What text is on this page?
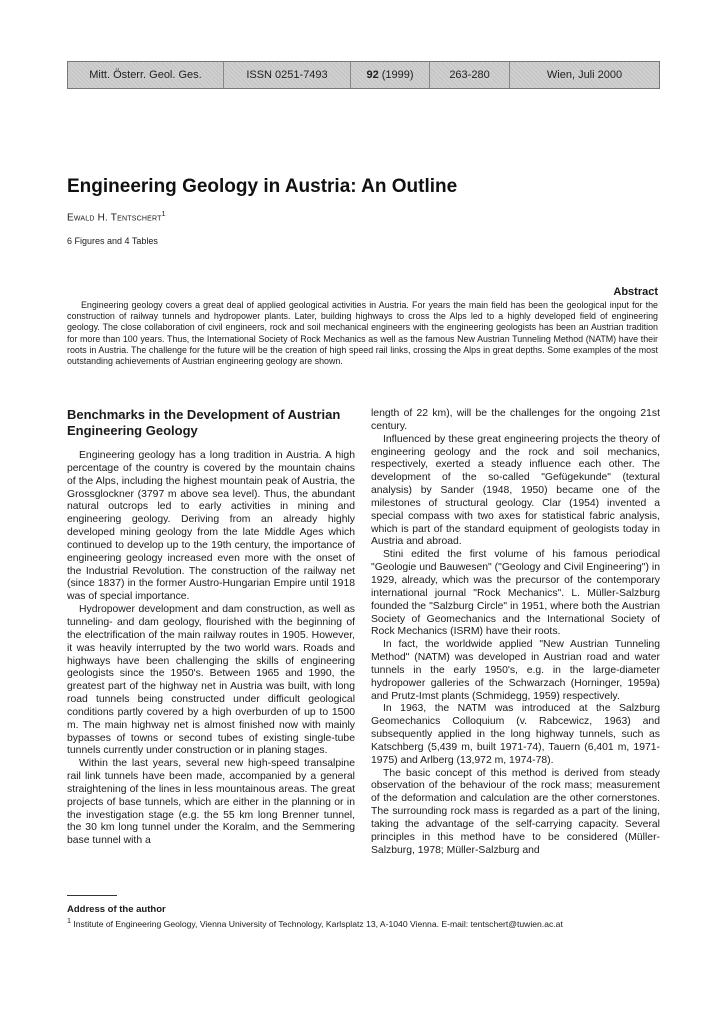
Mitt. Österr. Geol. Ges.	ISSN 0251-7493	92 (1999)	263-280	Wien, Juli 2000
Engineering Geology in Austria: An Outline
Ewald H. Tentschert$^1$
6 Figures and 4 Tables
Abstract

Engineering geology covers a great deal of applied geological activities in Austria. For years the main field has been the geological input for the construction of railway tunnels and hydropower plants. Later, building highways to cross the Alps led to a highly developed field of engineering geology. The close collaboration of civil engineers, rock and soil mechanical engineers with the engineering geologists has been an Austrian tradition for more than 100 years. Thus, the International Society of Rock Mechanics as well as the famous New Austrian Tunneling Method (NATM) have their roots in Austria. The challenge for the future will be the creation of high speed rail links, crossing the Alps in great depths. Some examples of the most outstanding achievements of Austrian engineering geology are shown.

Benchmarks in the Development of Austrian Engineering Geology

Engineering geology has a long tradition in Austria. A high percentage of the country is covered by the mountain chains of the Alps, including the highest mountain peak of Austria, the Grossglockner (3797 m above sea level). Thus, the abundant natural outcrops led to early activities in mining and engineering geology. Deriving from an already highly developed mining geology from the late Middle Ages which continued to develop up to the 19th century, the importance of engineering geology increased even more with the onset of the Industrial Revolution. The construction of the railway net (since 1837) in the former Austro-Hungarian Empire until 1918 was of special importance.

Hydropower development and dam construction, as well as tunneling- and dam geology, flourished with the beginning of the electrification of the main railway routes in 1905. However, it was heavily interrupted by the two world wars. Roads and highways have been challenging the skills of engineering geologists since the 1950's. Between 1965 and 1990, the greatest part of the highway net in Austria was built, with long road tunnels being constructed under difficult geological conditions partly covered by a high overburden of up to 1500 m. The main highway net is almost finished now with mainly bypasses of towns or second tubes of existing single-tube tunnels currently under construction or in planing stages.

Within the last years, several new high-speed transalpine rail link tunnels have been made, accompanied by a general straightening of the lines in less mountainous areas. The great projects of base tunnels, which are either in the planning or in the investigation stage (e.g. the 55 km long Brenner tunnel, the 30 km long tunnel under the Koralm, and the Semmering base tunnel with a

length of 22 km), will be the challenges for the ongoing 21st century.

Influenced by these great engineering projects the theory of engineering geology and the rock and soil mechanics, respectively, exerted a steady influence each other. The development of the so-called "Gefügekunde" (textural analysis) by Sander (1948, 1950) became one of the milestones of structural geology. Clar (1954) invented a special compass with two axes for statistical fabric analysis, which is part of the standard equipment of geologists today in Austria and abroad.

Stini edited the first volume of his famous periodical "Geologie und Bauwesen" ("Geology and Civil Engineering") in 1929, already, which was the precursor of the contemporary international journal "Rock Mechanics". L. Müller-Salzburg founded the "Salzburg Circle" in 1951, where both the Austrian Society of Geomechanics and the International Society of Rock Mechanics (ISRM) have their roots.

In fact, the worldwide applied "New Austrian Tunneling Method" (NATM) was developed in Austrian road and water tunnels in the early 1950's, e.g. in the large-diameter hydropower galleries of the Schwarzach (Horninger, 1959a) and Prutz-Imst plants (Schmidegg, 1959) respectively.

In 1963, the NATM was introduced at the Salzburg Geomechanics Colloquium (v. Rabcewicz, 1963) and subsequently applied in the long highway tunnels, such as Katschberg (5,439 m, built 1971-74), Tauern (6,401 m, 1971-1975) and Arlberg (13,972 m, 1974-78).

The basic concept of this method is derived from steady observation of the behaviour of the rock mass; measurement of the deformation and calculation are the other cornerstones. The surrounding rock mass is regarded as a part of the lining, taking the advantage of the self-carrying capacity. Several principles in this method have to be considered (Müller-Salzburg, 1978; Müller-Salzburg and

Address of the author
$^1$ Institute of Engineering Geology, Vienna University of Technology, Karlsplatz 13, A-1040 Vienna. E-mail: tentschert@tuwien.ac.at
